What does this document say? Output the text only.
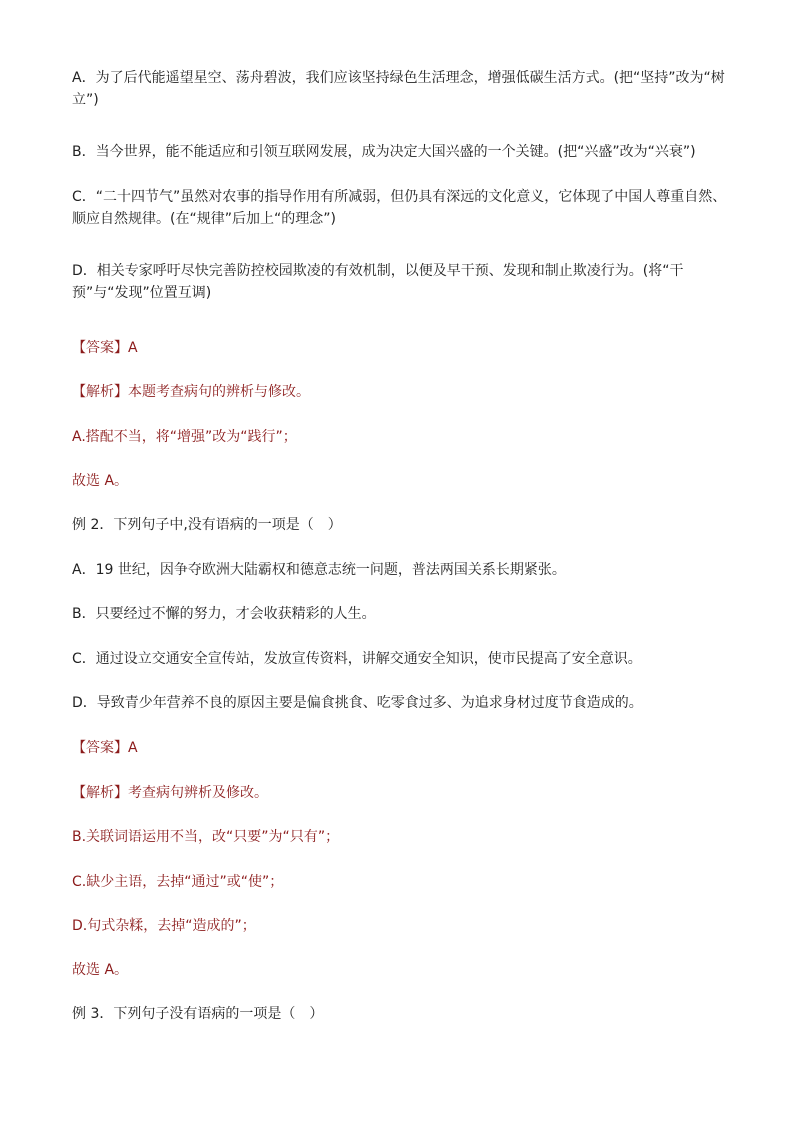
A．为了后代能遥望星空、荡舟碧波，我们应该坚持绿色生活理念，增强低碳生活方式。(把“坚持”改为“树立”)

B．当今世界，能不能适应和引领互联网发展，成为决定大国兴盛的一个关键。(把“兴盛”改为“兴衰”)

C．“二十四节气”虽然对农事的指导作用有所减弱，但仍具有深远的文化意义，它体现了中国人尊重自然、顺应自然规律。(在“规律”后加上“的理念”)

D．相关专家呼吁尽快完善防控校园欺凌的有效机制，以便及早干预、发现和制止欺凌行为。(将“干预”与“发现”位置互调)

【答案】A

【解析】本题考查病句的辨析与修改。

A.搭配不当，将“增强”改为“践行”；

故选 A。

例 2．下列句子中,没有语病的一项是（　）

A．19 世纪，因争夺欧洲大陆霸权和德意志统一问题，普法两国关系长期紧张。

B．只要经过不懈的努力，才会收获精彩的人生。

C．通过设立交通安全宣传站，发放宣传资料，讲解交通安全知识，使市民提高了安全意识。

D．导致青少年营养不良的原因主要是偏食挑食、吃零食过多、为追求身材过度节食造成的。

【答案】A

【解析】考查病句辨析及修改。

B.关联词语运用不当，改“只要”为“只有”；

C.缺少主语，去掉“通过”或“使”；

D.句式杂糅，去掉“造成的”；

故选 A。

例 3．下列句子没有语病的一项是（　）
